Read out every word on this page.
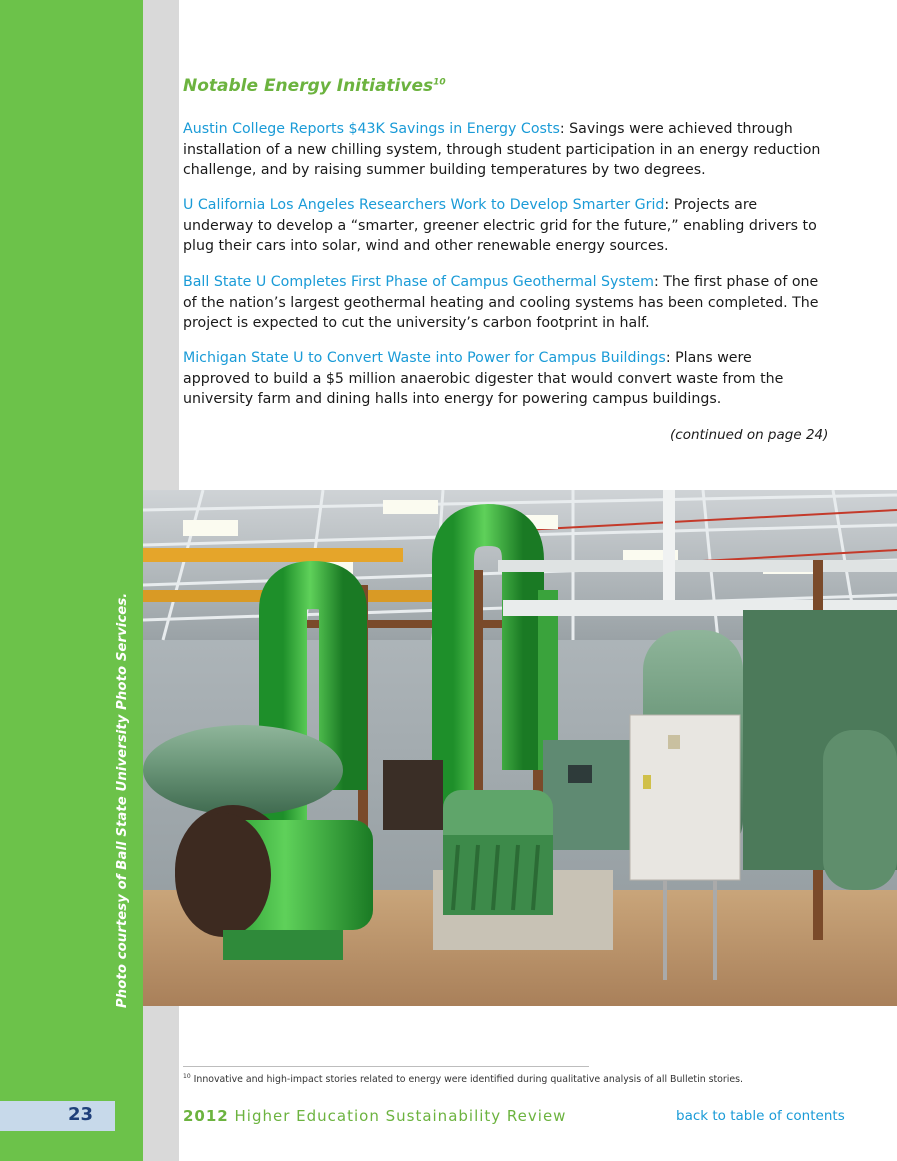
Photo courtesy of Ball State University Photo Services.
Notable Energy Initiatives$^{10}$
Austin College Reports $43K Savings in Energy Costs: Savings were achieved through installation of a new chilling system, through student participation in an energy reduction challenge, and by raising summer building temperatures by two degrees.
U California Los Angeles Researchers Work to Develop Smarter Grid: Projects are underway to develop a “smarter, greener electric grid for the future,” enabling drivers to plug their cars into solar, wind and other renewable energy sources.
Ball State U Completes First Phase of Campus Geothermal System: The first phase of one of the nation’s largest geothermal heating and cooling systems has been completed. The project is expected to cut the university’s carbon footprint in half.
Michigan State U to Convert Waste into Power for Campus Buildings: Plans were approved to build a $5 million anaerobic digester that would convert waste from the university farm and dining halls into energy for powering campus buildings.
(continued on page 24)
$^{10}$ Innovative and high-impact stories related to energy were identified during qualitative analysis of all Bulletin stories.
23	2012 Higher Education Sustainability Review	back to table of contents
